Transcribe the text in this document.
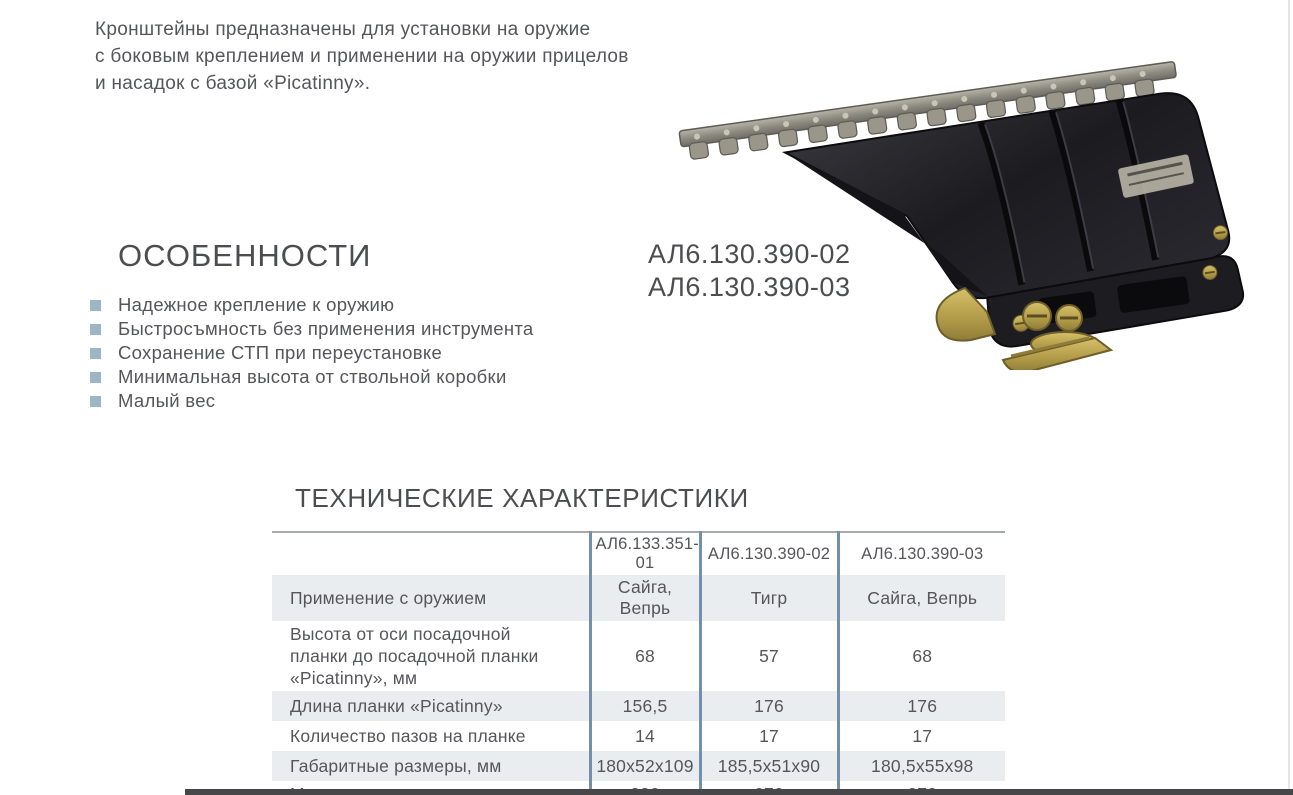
Кронштейны предназначены для установки на оружие
с боковым креплением и применении на оружии прицелов
и насадок с базой «Picatinny».
ОСОБЕННОСТИ
Надежное крепление к оружию
Быстросъмность без применения инструмента
Сохранение СТП при переустановке
Минимальная высота от ствольной коробки
Малый вес
АЛ6.130.390-02
АЛ6.130.390-03
ТЕХНИЧЕСКИЕ ХАРАКТЕРИСТИКИ
	АЛ6.133.351-01	АЛ6.130.390-02	АЛ6.130.390-03
Применение с оружием	Сайга, Вепрь	Тигр	Сайга, Вепрь
Высота от оси посадочной планки до посадочной планки «Picatinny», мм	68	57	68
Длина планки «Picatinny»	156,5	176	176
Количество пазов на планке	14	17	17
Габаритные размеры, мм	180x52x109	185,5x51x90	180,5x55x98
